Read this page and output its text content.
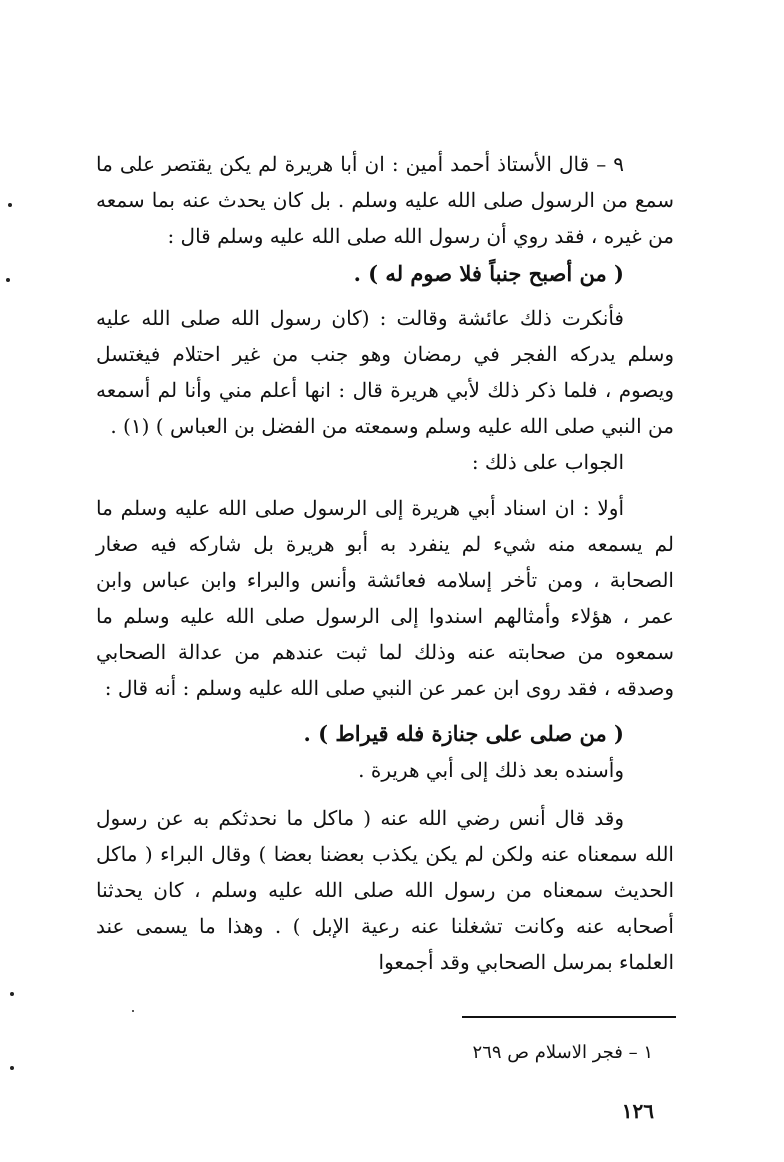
٩ – قال الأستاذ أحمد أمين : ان أبا هريرة لم يكن يقتصر على ما سمع من الرسول صلى الله عليه وسلم . بل كان يحدث عنه بما سمعه من غيره ، فقد روي أن رسول الله صلى الله عليه وسلم قال :

( من أصبح جنباً فلا صوم له ) .

فأنكرت ذلك عائشة وقالت : (كان رسول الله صلى الله عليه وسلم يدركه الفجر في رمضان وهو جنب من غير احتلام فيغتسل ويصوم ، فلما ذكر ذلك لأبي هريرة قال : انها أعلم مني وأنا لم أسمعه من النبي صلى الله عليه وسلم وسمعته من الفضل بن العباس ) (١) .

الجواب على ذلك :

أولا : ان اسناد أبي هريرة إلى الرسول صلى الله عليه وسلم ما لم يسمعه منه شيء لم ينفرد به أبو هريرة بل شاركه فيه صغار الصحابة ، ومن تأخر إسلامه فعائشة وأنس والبراء وابن عباس وابن عمر ، هؤلاء وأمثالهم اسندوا إلى الرسول صلى الله عليه وسلم ما سمعوه من صحابته عنه وذلك لما ثبت عندهم من عدالة الصحابي وصدقه ، فقد روى ابن عمر عن النبي صلى الله عليه وسلم : أنه قال :

( من صلى على جنازة فله قيراط ) .

وأسنده بعد ذلك إلى أبي هريرة .

وقد قال أنس رضي الله عنه ( ماكل ما نحدثكم به عن رسول الله سمعناه عنه ولكن لم يكن يكذب بعضنا بعضا ) وقال البراء ( ماكل الحديث سمعناه من رسول الله صلى الله عليه وسلم ، كان يحدثنا أصحابه عنه وكانت تشغلنا عنه رعية الإبل ) . وهذا ما يسمى عند العلماء بمرسل الصحابي وقد أجمعوا

١ – فجر الاسلام ص ٢٦٩
١٢٦
